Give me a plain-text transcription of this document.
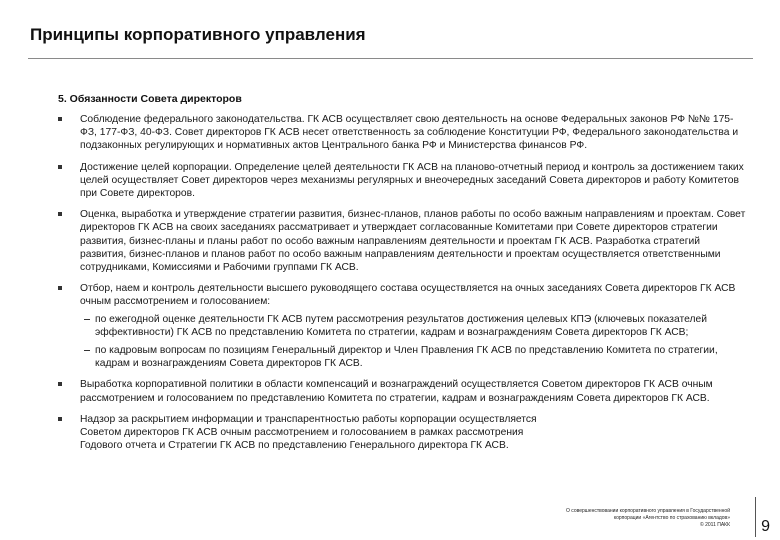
Принципы корпоративного управления
5. Обязанности Совета директоров
Соблюдение федерального законодательства. ГК АСВ осуществляет свою деятельность на основе Федеральных законов РФ №№ 175-ФЗ, 177-ФЗ, 40-ФЗ. Совет директоров ГК АСВ несет ответственность за соблюдение Конституции РФ, Федерального законодательства и подзаконных регулирующих и нормативных актов Центрального банка РФ и Министерства финансов РФ.
Достижение целей корпорации. Определение целей деятельности ГК АСВ на планово-отчетный период и контроль за достижением таких целей осуществляет Совет директоров через механизмы регулярных и внеочередных заседаний Совета директоров и работу Комитетов при Совете директоров.
Оценка, выработка и утверждение стратегии развития, бизнес-планов, планов работы по особо важным направлениям и проектам. Совет директоров ГК АСВ на своих заседаниях рассматривает и утверждает согласованные Комитетами при Совете директоров стратегии развития, бизнес-планы и планы работ по особо важным направлениям деятельности и проектам ГК АСВ. Разработка стратегий развития, бизнес-планов и планов работ по особо важным направлениям деятельности и проектам осуществляется ответственными сотрудниками, Комиссиями и Рабочими группами ГК АСВ.
Отбор, наем и контроль деятельности высшего руководящего состава осуществляется на очных заседаниях Совета директоров ГК АСВ очным рассмотрением и голосованием:
по ежегодной оценке деятельности ГК АСВ путем рассмотрения результатов достижения целевых КПЭ (ключевых показателей эффективности) ГК АСВ по представлению Комитета по стратегии, кадрам и вознаграждениям Совета директоров ГК АСВ;
по кадровым вопросам по позициям Генеральный директор и Член Правления ГК АСВ по представлению Комитета по стратегии, кадрам и вознаграждениям Совета директоров ГК АСВ.
Выработка корпоративной политики в области компенсаций и вознаграждений осуществляется Советом директоров ГК АСВ очным рассмотрением и голосованием по представлению Комитета по стратегии, кадрам и вознаграждениям Совета директоров ГК АСВ.
Надзор за раскрытием информации и транспарентностью работы корпорации осуществляется Советом директоров ГК АСВ очным рассмотрением и голосованием в рамках рассмотрения Годового отчета и Стратегии ГК АСВ по представлению Генерального директора ГК АСВ.
О совершенствовании корпоративного управления в Государственной
корпорации «Агентство по страхованию вкладов»
© 2011 ПАКК 9
